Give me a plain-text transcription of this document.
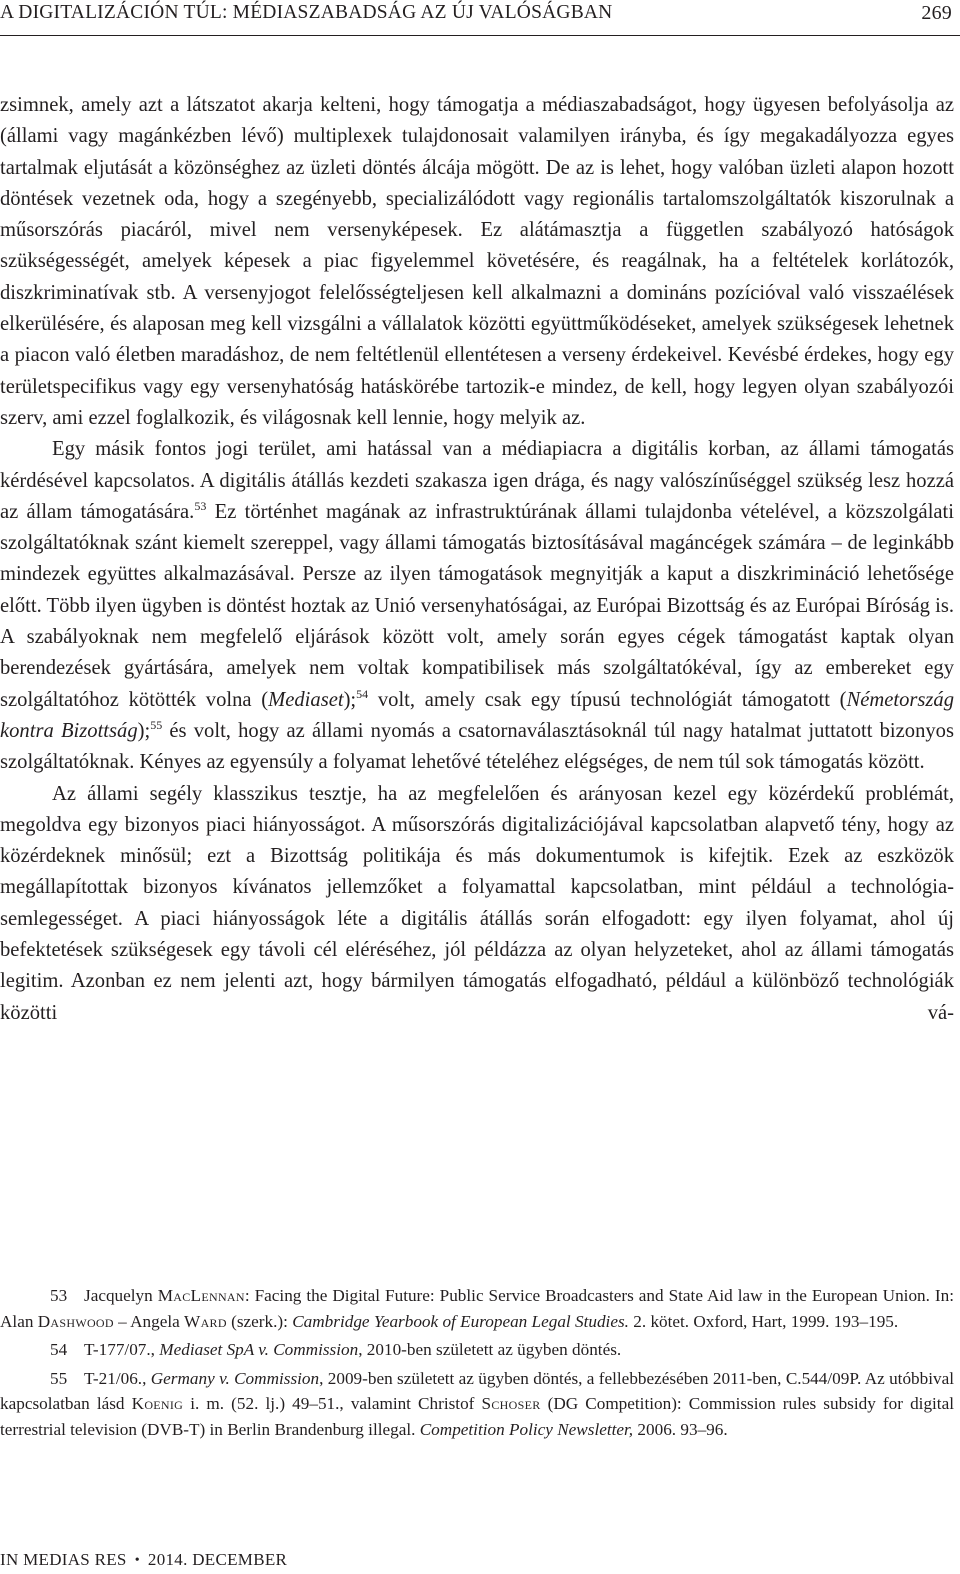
A DIGITALIZÁCIÓN TÚL: MÉDIASZABADSÁG AZ ÚJ VALÓSÁGBAN	269

zsimnek, amely azt a látszatot akarja kelteni, hogy támogatja a médiaszabadságot, hogy ügyesen befolyásolja az (állami vagy magánkézben lévő) multiplexek tulajdonosait valamilyen irányba, és így megakadályozza egyes tartalmak eljutását a közönséghez az üzleti döntés álcája mögött. De az is lehet, hogy valóban üzleti alapon hozott döntések vezetnek oda, hogy a szegényebb, specializálódott vagy regionális tartalomszolgáltatók kiszorulnak a műsorszórás piacáról, mivel nem versenyképesek. Ez alátámasztja a független szabályozó hatóságok szükségességét, amelyek képesek a piac figyelemmel követésére, és reagálnak, ha a feltételek korlátozók, diszkriminatívak stb. A versenyjogot felelősségteljesen kell alkalmazni a domináns pozícióval való visszaélések elkerülésére, és alaposan meg kell vizsgálni a vállalatok közötti együttműködéseket, amelyek szükségesek lehetnek a piacon való életben maradáshoz, de nem feltétlenül ellentétesen a verseny érdekeivel. Kevésbé érdekes, hogy egy területspecifikus vagy egy versenyhatóság hatáskörébe tartozik-e mindez, de kell, hogy legyen olyan szabályozói szerv, ami ezzel foglalkozik, és világosnak kell lennie, hogy melyik az.

Egy másik fontos jogi terület, ami hatással van a médiapiacra a digitális korban, az állami támogatás kérdésével kapcsolatos. A digitális átállás kezdeti szakasza igen drága, és nagy valószínűséggel szükség lesz hozzá az állam támogatására.$^{53}$ Ez történhet magának az infrastruktúrának állami tulajdonba vételével, a közszolgálati szolgáltatóknak szánt kiemelt szereppel, vagy állami támogatás biztosításával magáncégek számára – de leginkább mindezek együttes alkalmazásával. Persze az ilyen támogatások megnyitják a kaput a diszkrimináció lehetősége előtt. Több ilyen ügyben is döntést hoztak az Unió versenyhatóságai, az Európai Bizottság és az Európai Bíróság is. A szabályoknak nem megfelelő eljárások között volt, amely során egyes cégek támogatást kaptak olyan berendezések gyártására, amelyek nem voltak kompatibilisek más szolgáltatókéval, így az embereket egy szolgáltatóhoz kötötték volna (Mediaset);$^{54}$ volt, amely csak egy típusú technológiát támogatott (Németország kontra Bizottság);$^{55}$ és volt, hogy az állami nyomás a csatornaválasztásoknál túl nagy hatalmat juttatott bizonyos szolgáltatóknak. Kényes az egyensúly a folyamat lehetővé tételéhez elégséges, de nem túl sok támogatás között.

Az állami segély klasszikus tesztje, ha az megfelelően és arányosan kezel egy közérdekű problémát, megoldva egy bizonyos piaci hiányosságot. A műsorszórás digitalizációjával kapcsolatban alapvető tény, hogy az közérdeknek minősül; ezt a Bizottság politikája és más dokumentumok is kifejtik. Ezek az eszközök megállapítottak bizonyos kívánatos jellemzőket a folyamattal kapcsolatban, mint például a technológia-semlegességet. A piaci hiányosságok léte a digitális átállás során elfogadott: egy ilyen folyamat, ahol új befektetések szükségesek egy távoli cél eléréséhez, jól példázza az olyan helyzeteket, ahol az állami támogatás legitim. Azonban ez nem jelenti azt, hogy bármilyen támogatás elfogadható, például a különböző technológiák közötti vá-

53 Jacquelyn MacLennan: Facing the Digital Future: Public Service Broadcasters and State Aid law in the European Union. In: Alan Dashwood – Angela Ward (szerk.): Cambridge Yearbook of European Legal Studies. 2. kötet. Oxford, Hart, 1999. 193–195.

54 T-177/07., Mediaset SpA v. Commission, 2010-ben született az ügyben döntés.

55 T-21/06., Germany v. Commission, 2009-ben született az ügyben döntés, a fellebbezésében 2011-ben, C.544/09P. Az utóbbival kapcsolatban lásd Koenig i. m. (52. lj.) 49–51., valamint Christof Schoser (DG Competition): Commission rules subsidy for digital terrestrial television (DVB-T) in Berlin Brandenburg illegal. Competition Policy Newsletter, 2006. 93–96.

IN MEDIAS RES • 2014. DECEMBER
